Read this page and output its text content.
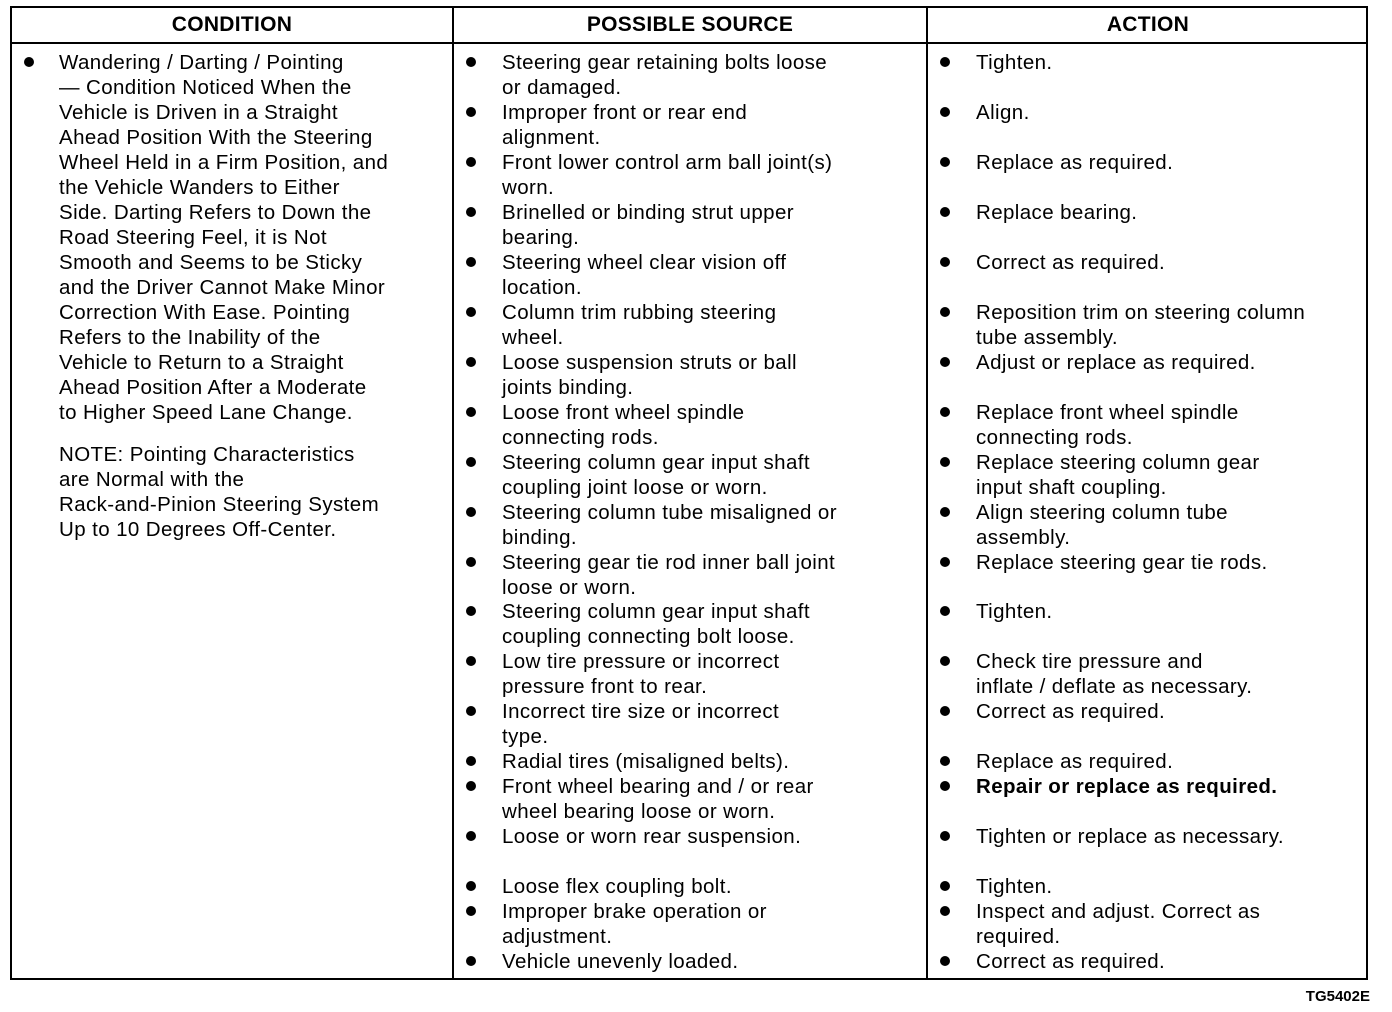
CONDITION	POSSIBLE SOURCE	ACTION
Wandering / Darting / Pointing
— Condition Noticed When the
Vehicle is Driven in a Straight
Ahead Position With the Steering
Wheel Held in a Firm Position, and
the Vehicle Wanders to Either
Side. Darting Refers to Down the
Road Steering Feel, it is Not
Smooth and Seems to be Sticky
and the Driver Cannot Make Minor
Correction With Ease. Pointing
Refers to the Inability of the
Vehicle to Return to a Straight
Ahead Position After a Moderate
to Higher Speed Lane Change.
NOTE: Pointing Characteristics
are Normal with the
Rack-and-Pinion Steering System
Up to 10 Degrees Off-Center.
Steering gear retaining bolts loose
or damaged.
Improper front or rear end
alignment.
Front lower control arm ball joint(s)
worn.
Brinelled or binding strut upper
bearing.
Steering wheel clear vision off
location.
Column trim rubbing steering
wheel.
Loose suspension struts or ball
joints binding.
Loose front wheel spindle
connecting rods.
Steering column gear input shaft
coupling joint loose or worn.
Steering column tube misaligned or
binding.
Steering gear tie rod inner ball joint
loose or worn.
Steering column gear input shaft
coupling connecting bolt loose.
Low tire pressure or incorrect
pressure front to rear.
Incorrect tire size or incorrect
type.
Radial tires (misaligned belts).
Front wheel bearing and / or rear
wheel bearing loose or worn.
Loose or worn rear suspension.
Loose flex coupling bolt.
Improper brake operation or
adjustment.
Vehicle unevenly loaded.
Tighten.
Align.
Replace as required.
Replace bearing.
Correct as required.
Reposition trim on steering column
tube assembly.
Adjust or replace as required.
Replace front wheel spindle
connecting rods.
Replace steering column gear
input shaft coupling.
Align steering column tube
assembly.
Replace steering gear tie rods.
Tighten.
Check tire pressure and
inflate / deflate as necessary.
Correct as required.
Replace as required.
Repair or replace as required.
Tighten or replace as necessary.
Tighten.
Inspect and adjust. Correct as
required.
Correct as required.
TG5402E
